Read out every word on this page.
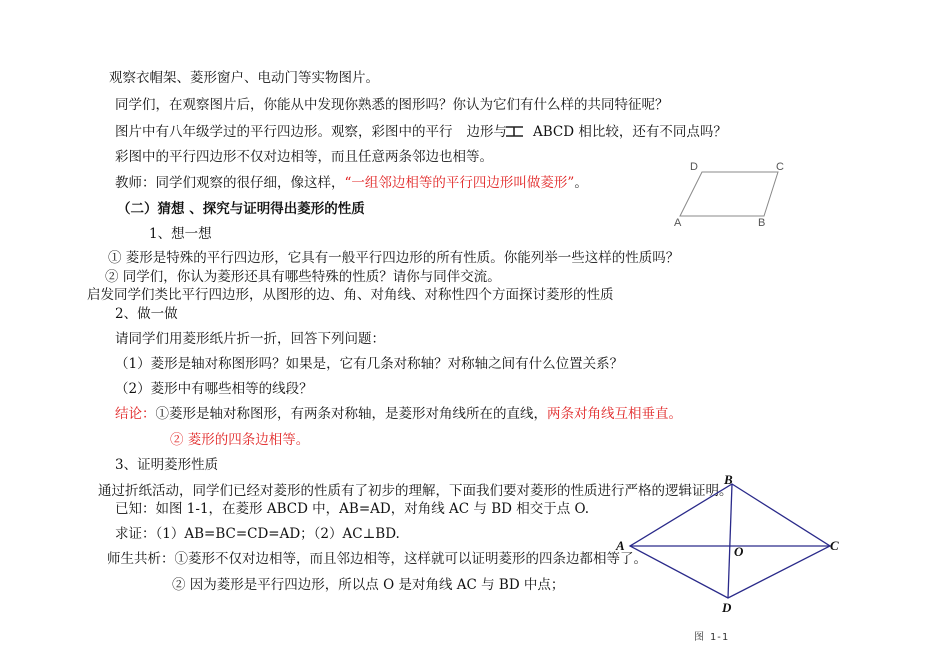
观察衣帽架、菱形窗户、电动门等实物图片。
同学们，在观察图片后，你能从中发现你熟悉的图形吗？你认为它们有什么样的共同特征呢？
图片中有八年级学过的平行四边形。观察，彩图中的平行 边形与 ABCD 相比较，还有不同点吗？
彩图中的平行四边形不仅对边相等，而且任意两条邻边也相等。
教师：同学们观察的很仔细，像这样，“一组邻边相等的平行四边形叫做菱形”。
（二）猜想 、探究与证明得出菱形的性质
1、想一想
① 菱形是特殊的平行四边形，它具有一般平行四边形的所有性质。你能列举一些这样的性质吗？
② 同学们，你认为菱形还具有哪些特殊的性质？请你与同伴交流。
启发同学们类比平行四边形，从图形的边、角、对角线、对称性四个方面探讨菱形的性质
2、做一做
请同学们用菱形纸片折一折，回答下列问题：
（1）菱形是轴对称图形吗？如果是，它有几条对称轴？对称轴之间有什么位置关系？
（2）菱形中有哪些相等的线段？
结论：①菱形是轴对称图形，有两条对称轴，是菱形对角线所在的直线，两条对角线互相垂直。
② 菱形的四条边相等。
3、证明菱形性质
通过折纸活动，同学们已经对菱形的性质有了初步的理解，下面我们要对菱形的性质进行严格的逻辑证明。
已知：如图 1-1，在菱形 ABCD 中，AB=AD，对角线 AC 与 BD 相交于点 O.
求证：（1）AB=BC=CD=AD；（2）AC⊥BD.
师生共析：①菱形不仅对边相等，而且邻边相等，这样就可以证明菱形的四条边都相等了。
② 因为菱形是平行四边形，所以点 O 是对角线 AC 与 BD 中点；
D	C
A	B
A
B
C
D
O
图 1-1
